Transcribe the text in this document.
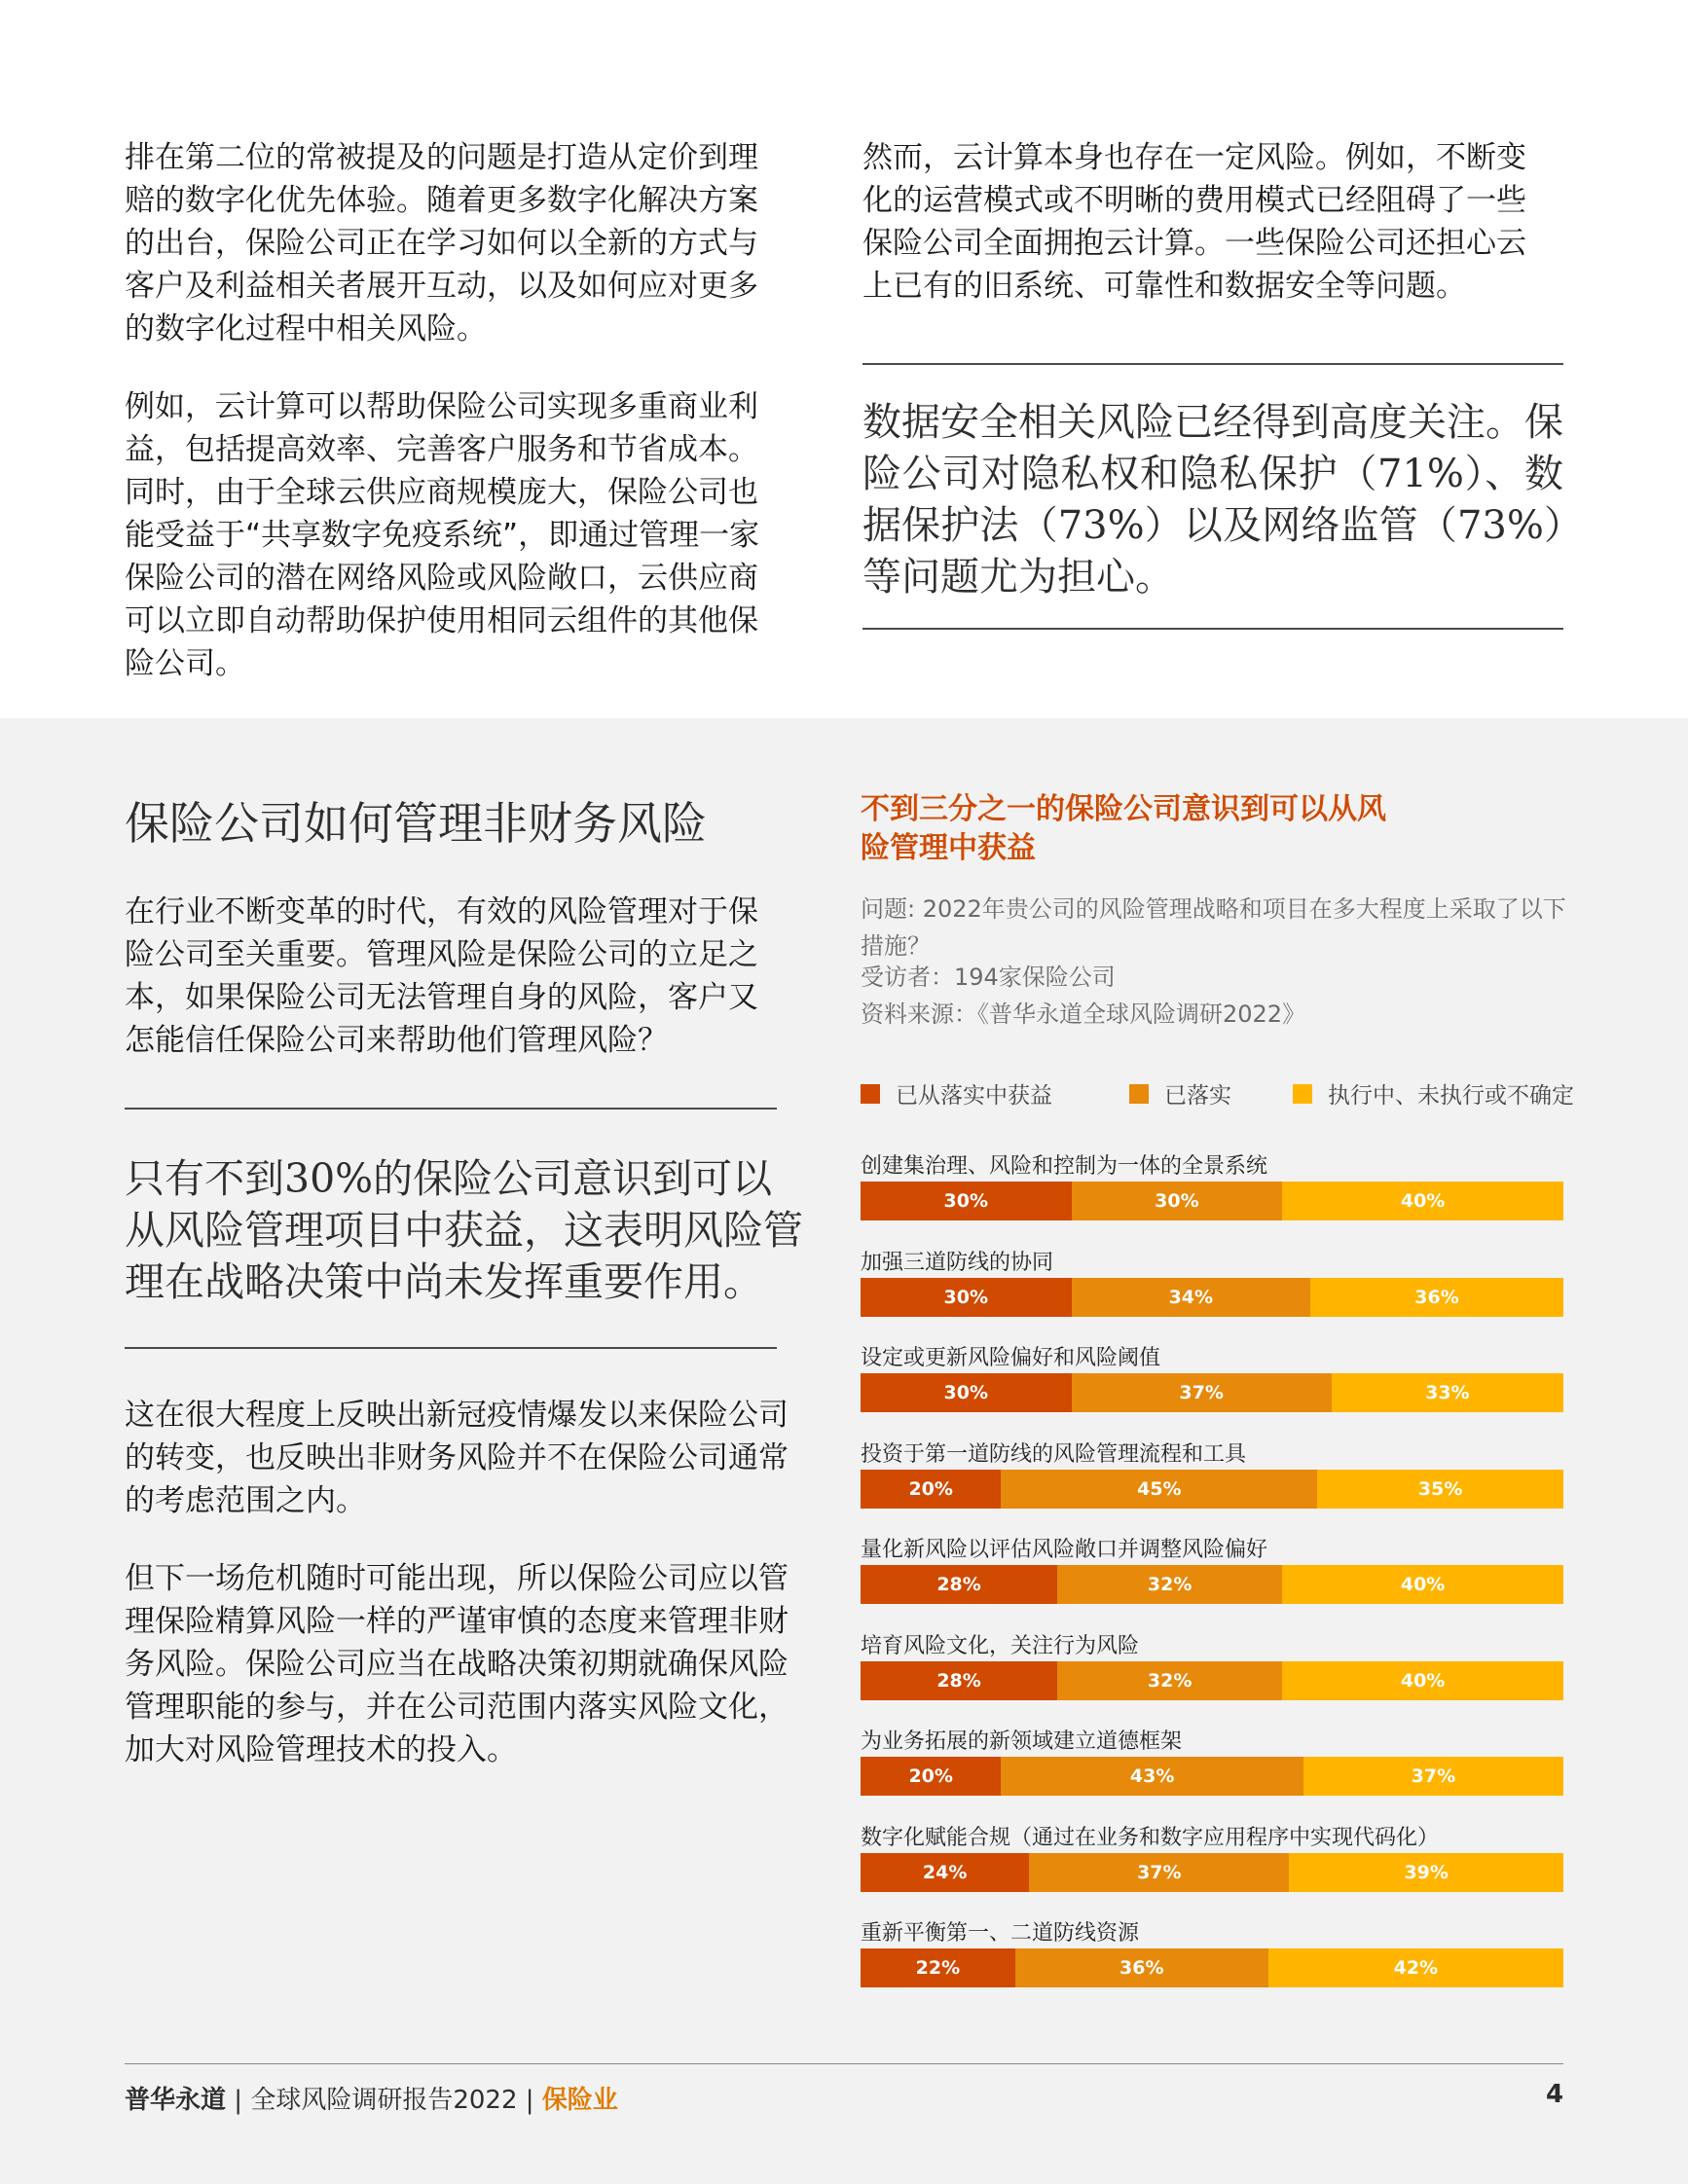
排在第二位的常被提及的问题是打造从定价到理赔的数字化优先体验。随着更多数字化解决方案的出台，保险公司正在学习如何以全新的方式与客户及利益相关者展开互动，以及如何应对更多的数字化过程中相关风险。

例如，云计算可以帮助保险公司实现多重商业利益，包括提高效率、完善客户服务和节省成本。同时，由于全球云供应商规模庞大，保险公司也能受益于“共享数字免疫系统”，即通过管理一家保险公司的潜在网络风险或风险敞口，云供应商可以立即自动帮助保护使用相同云组件的其他保险公司。

然而，云计算本身也存在一定风险。例如，不断变化的运营模式或不明晰的费用模式已经阻碍了一些保险公司全面拥抱云计算。一些保险公司还担心云上已有的旧系统、可靠性和数据安全等问题。
数据安全相关风险已经得到高度关注。保险公司对隐私权和隐私保护（71%）、数据保护法（73%）以及网络监管（73%）等问题尤为担心。
保险公司如何管理非财务风险
在行业不断变革的时代，有效的风险管理对于保险公司至关重要。管理风险是保险公司的立足之本，如果保险公司无法管理自身的风险，客户又怎能信任保险公司来帮助他们管理风险？
只有不到30%的保险公司意识到可以从风险管理项目中获益，这表明风险管理在战略决策中尚未发挥重要作用。

这在很大程度上反映出新冠疫情爆发以来保险公司的转变，也反映出非财务风险并不在保险公司通常的考虑范围之内。

但下一场危机随时可能出现，所以保险公司应以管理保险精算风险一样的严谨审慎的态度来管理非财务风险。保险公司应当在战略决策初期就确保风险管理职能的参与，并在公司范围内落实风险文化，加大对风险管理技术的投入。

不到三分之一的保险公司意识到可以从风险管理中获益
问题: 2022年贵公司的风险管理战略和项目在多大程度上采取了以下措施？
受访者：194家保险公司
资料来源：《普华永道全球风险调研2022》
已从落实中获益	已落实	执行中、未执行或不确定
创建集治理、风险和控制为一体的全景系统
30%	30%	40%
加强三道防线的协同
30%	34%	36%
设定或更新风险偏好和风险阈值
30%	37%	33%
投资于第一道防线的风险管理流程和工具
20%	45%	35%
量化新风险以评估风险敞口并调整风险偏好
28%	32%	40%
培育风险文化，关注行为风险
28%	32%	40%
为业务拓展的新领域建立道德框架
20%	43%	37%
数字化赋能合规（通过在业务和数字应用程序中实现代码化）
24%	37%	39%
重新平衡第一、二道防线资源
22%	36%	42%
普华永道 | 全球风险调研报告2022 | 保险业	4
